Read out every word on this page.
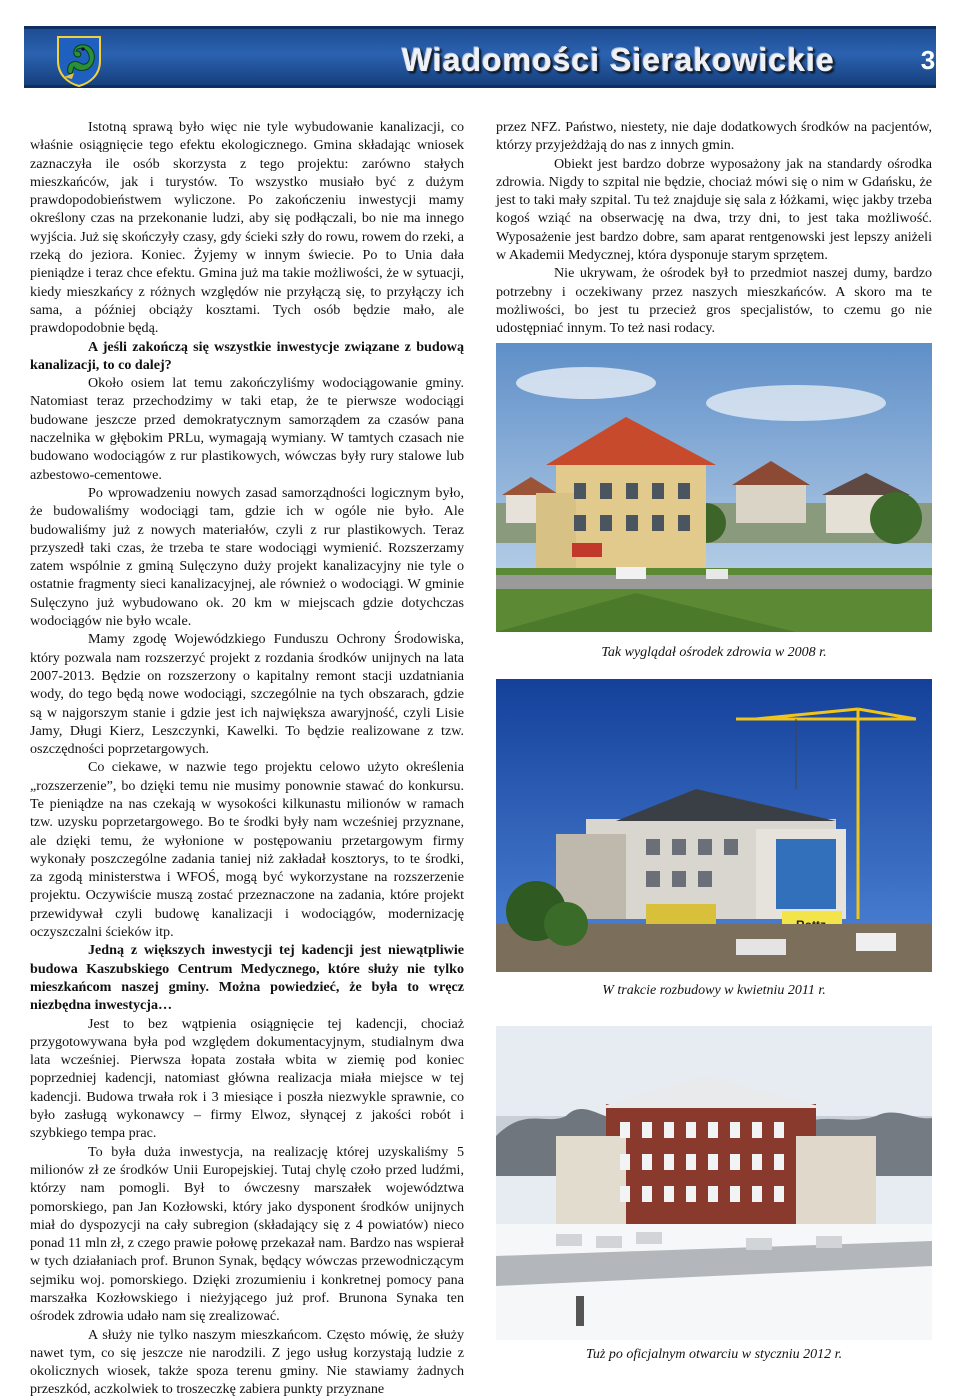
Wiadomości Sierakowickie	3

Istotną sprawą było więc nie tyle wybudowanie kanalizacji, co właśnie osiągnięcie tego efektu ekologicznego. Gmina składając wniosek zaznaczyła ile osób skorzysta z tego projektu: zarówno stałych mieszkańców, jak i turystów. To wszystko musiało być z dużym prawdopodobieństwem wyliczone. Po zakończeniu inwestycji mamy określony czas na przekonanie ludzi, aby się podłączali, bo nie ma innego wyjścia. Już się skończyły czasy, gdy ścieki szły do rowu, rowem do rzeki, a rzeką do jeziora. Koniec. Żyjemy w innym świecie. Po to Unia dała pieniądze i teraz chce efektu. Gmina już ma takie możliwości, że w sytuacji, kiedy mieszkańcy z różnych względów nie przyłączą się, to przyłączy ich sama, a później obciąży kosztami. Tych osób będzie mało, ale prawdopodobnie będą.

A jeśli zakończą się wszystkie inwestycje związane z budową kanalizacji, to co dalej?

Około osiem lat temu zakończyliśmy wodociągowanie gminy. Natomiast teraz przechodzimy w taki etap, że te pierwsze wodociągi budowane jeszcze przed demokratycznym samorządem za czasów pana naczelnika w głębokim PRLu, wymagają wymiany. W tamtych czasach nie budowano wodociągów z rur plastikowych, wówczas były rury stalowe lub azbestowo-cementowe.

Po wprowadzeniu nowych zasad samorządności logicznym było, że budowaliśmy wodociągi tam, gdzie ich w ogóle nie było. Ale budowaliśmy już z nowych materiałów, czyli z rur plastikowych. Teraz przyszedł taki czas, że trzeba te stare wodociągi wymienić. Rozszerzamy zatem wspólnie z gminą Sulęczyno duży projekt kanalizacyjny nie tyle o ostatnie fragmenty sieci kanalizacyjnej, ale również o wodociągi. W gminie Sulęczyno już wybudowano ok. 20 km w miejscach gdzie dotychczas wodociągów nie było wcale.

Mamy zgodę Wojewódzkiego Funduszu Ochrony Środowiska, który pozwala nam rozszerzyć projekt z rozdania środków unijnych na lata 2007-2013. Będzie on rozszerzony o kapitalny remont stacji uzdatniania wody, do tego będą nowe wodociągi, szczególnie na tych obszarach, gdzie są w najgorszym stanie i gdzie jest ich największa awaryjność, czyli Lisie Jamy, Długi Kierz, Leszczynki, Kawelki. To będzie realizowane z tzw. oszczędności poprzetargowych.

Co ciekawe, w nazwie tego projektu celowo użyto określenia „rozszerzenie”, bo dzięki temu nie musimy ponownie stawać do konkursu. Te pieniądze na nas czekają w wysokości kilkunastu milionów w ramach tzw. uzysku poprzetargowego. Bo te środki były nam wcześniej przyznane, ale dzięki temu, że wyłonione w postępowaniu przetargowym firmy wykonały poszczególne zadania taniej niż zakładał kosztorys, to te środki, za zgodą ministerstwa i WFOŚ, mogą być wykorzystane na rozszerzenie projektu. Oczywiście muszą zostać przeznaczone na zadania, które projekt przewidywał czyli budowę kanalizacji i wodociągów, modernizację oczyszczalni ścieków itp.

Jedną z większych inwestycji tej kadencji jest niewątpliwie budowa Kaszubskiego Centrum Medycznego, które służy nie tylko mieszkańcom naszej gminy. Można powiedzieć, że była to wręcz niezbędna inwestycja…

Jest to bez wątpienia osiągnięcie tej kadencji, chociaż przygotowywana była pod względem dokumentacyjnym, studialnym dwa lata wcześniej. Pierwsza łopata została wbita w ziemię pod koniec poprzedniej kadencji, natomiast główna realizacja miała miejsce w tej kadencji. Budowa trwała rok i 3 miesiące i poszła niezwykle sprawnie, co było zasługą wykonawcy – firmy Elwoz, słynącej z jakości robót i szybkiego tempa prac.

To była duża inwestycja, na realizację której uzyskaliśmy 5 milionów zł ze środków Unii Europejskiej. Tutaj chylę czoło przed ludźmi, którzy nam pomogli. Był to ówczesny marszałek województwa pomorskiego, pan Jan Kozłowski, który jako dysponent środków unijnych miał do dyspozycji na cały subregion (składający się z 4 powiatów) nieco ponad 11 mln zł, z czego prawie połowę przekazał nam. Bardzo nas wspierał w tych działaniach prof. Brunon Synak, będący wówczas przewodniczącym sejmiku woj. pomorskiego. Dzięki zrozumieniu i konkretnej pomocy pana marszałka Kozłowskiego i nieżyjącego już prof. Brunona Synaka ten ośrodek zdrowia udało nam się zrealizować.

A służy nie tylko naszym mieszkańcom. Często mówię, że służy nawet tym, co się jeszcze nie narodzili. Z jego usług korzystają ludzie z okolicznych wiosek, także spoza terenu gminy. Nie stawiamy żadnych przeszkód, aczkolwiek to troszeczkę zabiera punkty przyznane

przez NFZ. Państwo, niestety, nie daje dodatkowych środków na pacjentów, którzy przyjeżdżają do nas z innych gmin.

Obiekt jest bardzo dobrze wyposażony jak na standardy ośrodka zdrowia. Nigdy to szpital nie będzie, chociaż mówi się o nim w Gdańsku, że jest to taki mały szpital. Tu też znajduje się sala z łóżkami, więc jakby trzeba kogoś wziąć na obserwację na dwa, trzy dni, to jest taka możliwość. Wyposażenie jest bardzo dobre, sam aparat rentgenowski jest lepszy aniżeli w Akademii Medycznej, która dysponuje starym sprzętem.

Nie ukrywam, że ośrodek był to przedmiot naszej dumy, bardzo potrzebny i oczekiwany przez naszych mieszkańców. A skoro ma te możliwości, bo jest tu przecież gros specjalistów, to czemu go nie udostępniać innym. To też nasi rodacy.

Tak wyglądał ośrodek zdrowia w 2008 r.
W trakcie rozbudowy w kwietniu 2011 r.
Tuż po oficjalnym otwarciu w styczniu 2012 r.
